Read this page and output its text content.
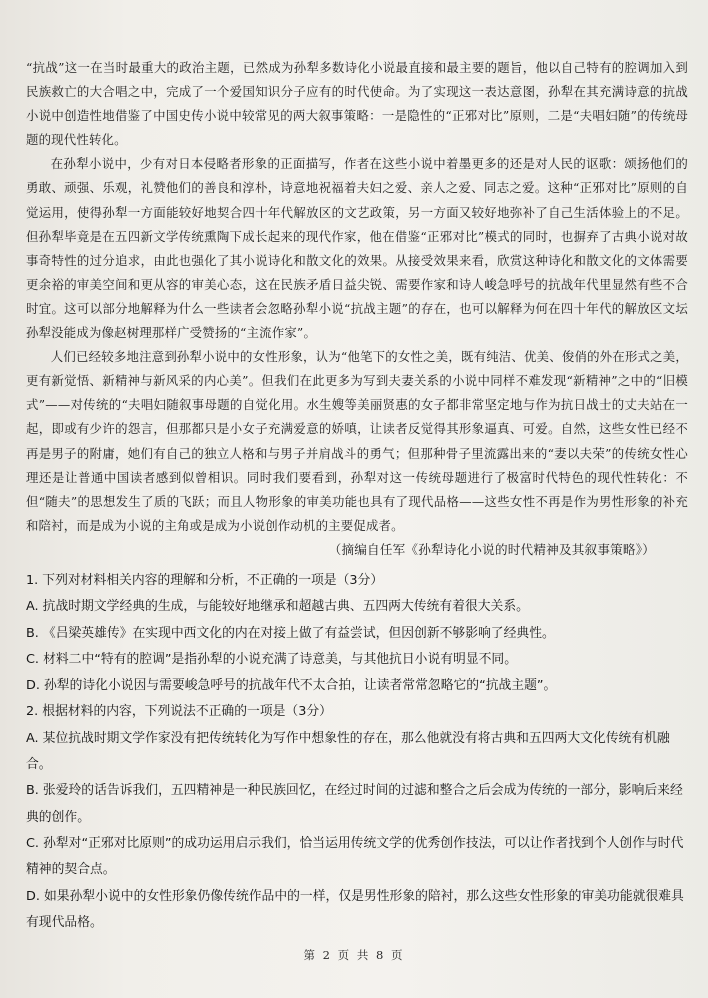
“抗战”这一在当时最重大的政治主题，已然成为孙犁多数诗化小说最直接和最主要的题旨，他以自己特有的腔调加入到民族救亡的大合唱之中，完成了一个爱国知识分子应有的时代使命。为了实现这一表达意图，孙犁在其充满诗意的抗战小说中创造性地借鉴了中国史传小说中较常见的两大叙事策略：一是隐性的“正邪对比”原则，二是“夫唱妇随”的传统母题的现代性转化。

在孙犁小说中，少有对日本侵略者形象的正面描写，作者在这些小说中着墨更多的还是对人民的讴歌：颂扬他们的勇敢、顽强、乐观，礼赞他们的善良和淳朴，诗意地祝福着夫妇之爱、亲人之爱、同志之爱。这种“正邪对比”原则的自觉运用，使得孙犁一方面能较好地契合四十年代解放区的文艺政策，另一方面又较好地弥补了自己生活体验上的不足。但孙犁毕竟是在五四新文学传统熏陶下成长起来的现代作家，他在借鉴“正邪对比”模式的同时，也摒弃了古典小说对故事奇特性的过分追求，由此也强化了其小说诗化和散文化的效果。从接受效果来看，欣赏这种诗化和散文化的文体需要更余裕的审美空间和更从容的审美心态，这在民族矛盾日益尖锐、需要作家和诗人峻急呼号的抗战年代里显然有些不合时宜。这可以部分地解释为什么一些读者会忽略孙犁小说“抗战主题”的存在，也可以解释为何在四十年代的解放区文坛孙犁没能成为像赵树理那样广受赞扬的“主流作家”。

人们已经较多地注意到孙犁小说中的女性形象，认为“他笔下的女性之美，既有纯洁、优美、俊俏的外在形式之美，更有新觉悟、新精神与新风采的内心美”。但我们在此更多为写到夫妻关系的小说中同样不难发现“新精神”之中的“旧模式”——对传统的“夫唱妇随叙事母题的自觉化用。水生嫂等美丽贤惠的女子都非常坚定地与作为抗日战士的丈夫站在一起，即或有少许的怨言，但那都只是小女子充满爱意的娇嗔，让读者反觉得其形象逼真、可爱。自然，这些女性已经不再是男子的附庸，她们有自己的独立人格和与男子并肩战斗的勇气；但那种骨子里流露出来的“妻以夫荣”的传统女性心理还是让普通中国读者感到似曾相识。同时我们要看到，孙犁对这一传统母题进行了极富时代特色的现代性转化：不但“随夫”的思想发生了质的飞跃；而且人物形象的审美功能也具有了现代品格——这些女性不再是作为男性形象的补充和陪衬，而是成为小说的主角或是成为小说创作动机的主要促成者。

（摘编自任军《孙犁诗化小说的时代精神及其叙事策略》）

1. 下列对材料相关内容的理解和分析，不正确的一项是（3分）

A. 抗战时期文学经典的生成，与能较好地继承和超越古典、五四两大传统有着很大关系。

B. 《吕梁英雄传》在实现中西文化的内在对接上做了有益尝试，但因创新不够影响了经典性。

C. 材料二中“特有的腔调”是指孙犁的小说充满了诗意美，与其他抗日小说有明显不同。

D. 孙犁的诗化小说因与需要峻急呼号的抗战年代不太合拍，让读者常常忽略它的“抗战主题”。

2. 根据材料的内容，下列说法不正确的一项是（3分）

A. 某位抗战时期文学作家没有把传统转化为写作中想象性的存在，那么他就没有将古典和五四两大文化传统有机融合。

B. 张爱玲的话告诉我们，五四精神是一种民族回忆，在经过时间的过滤和整合之后会成为传统的一部分，影响后来经典的创作。

C. 孙犁对“正邪对比原则”的成功运用启示我们，恰当运用传统文学的优秀创作技法，可以让作者找到个人创作与时代精神的契合点。

D. 如果孙犁小说中的女性形象仍像传统作品中的一样，仅是男性形象的陪衬，那么这些女性形象的审美功能就很难具有现代品格。

第 2 页 共 8 页
